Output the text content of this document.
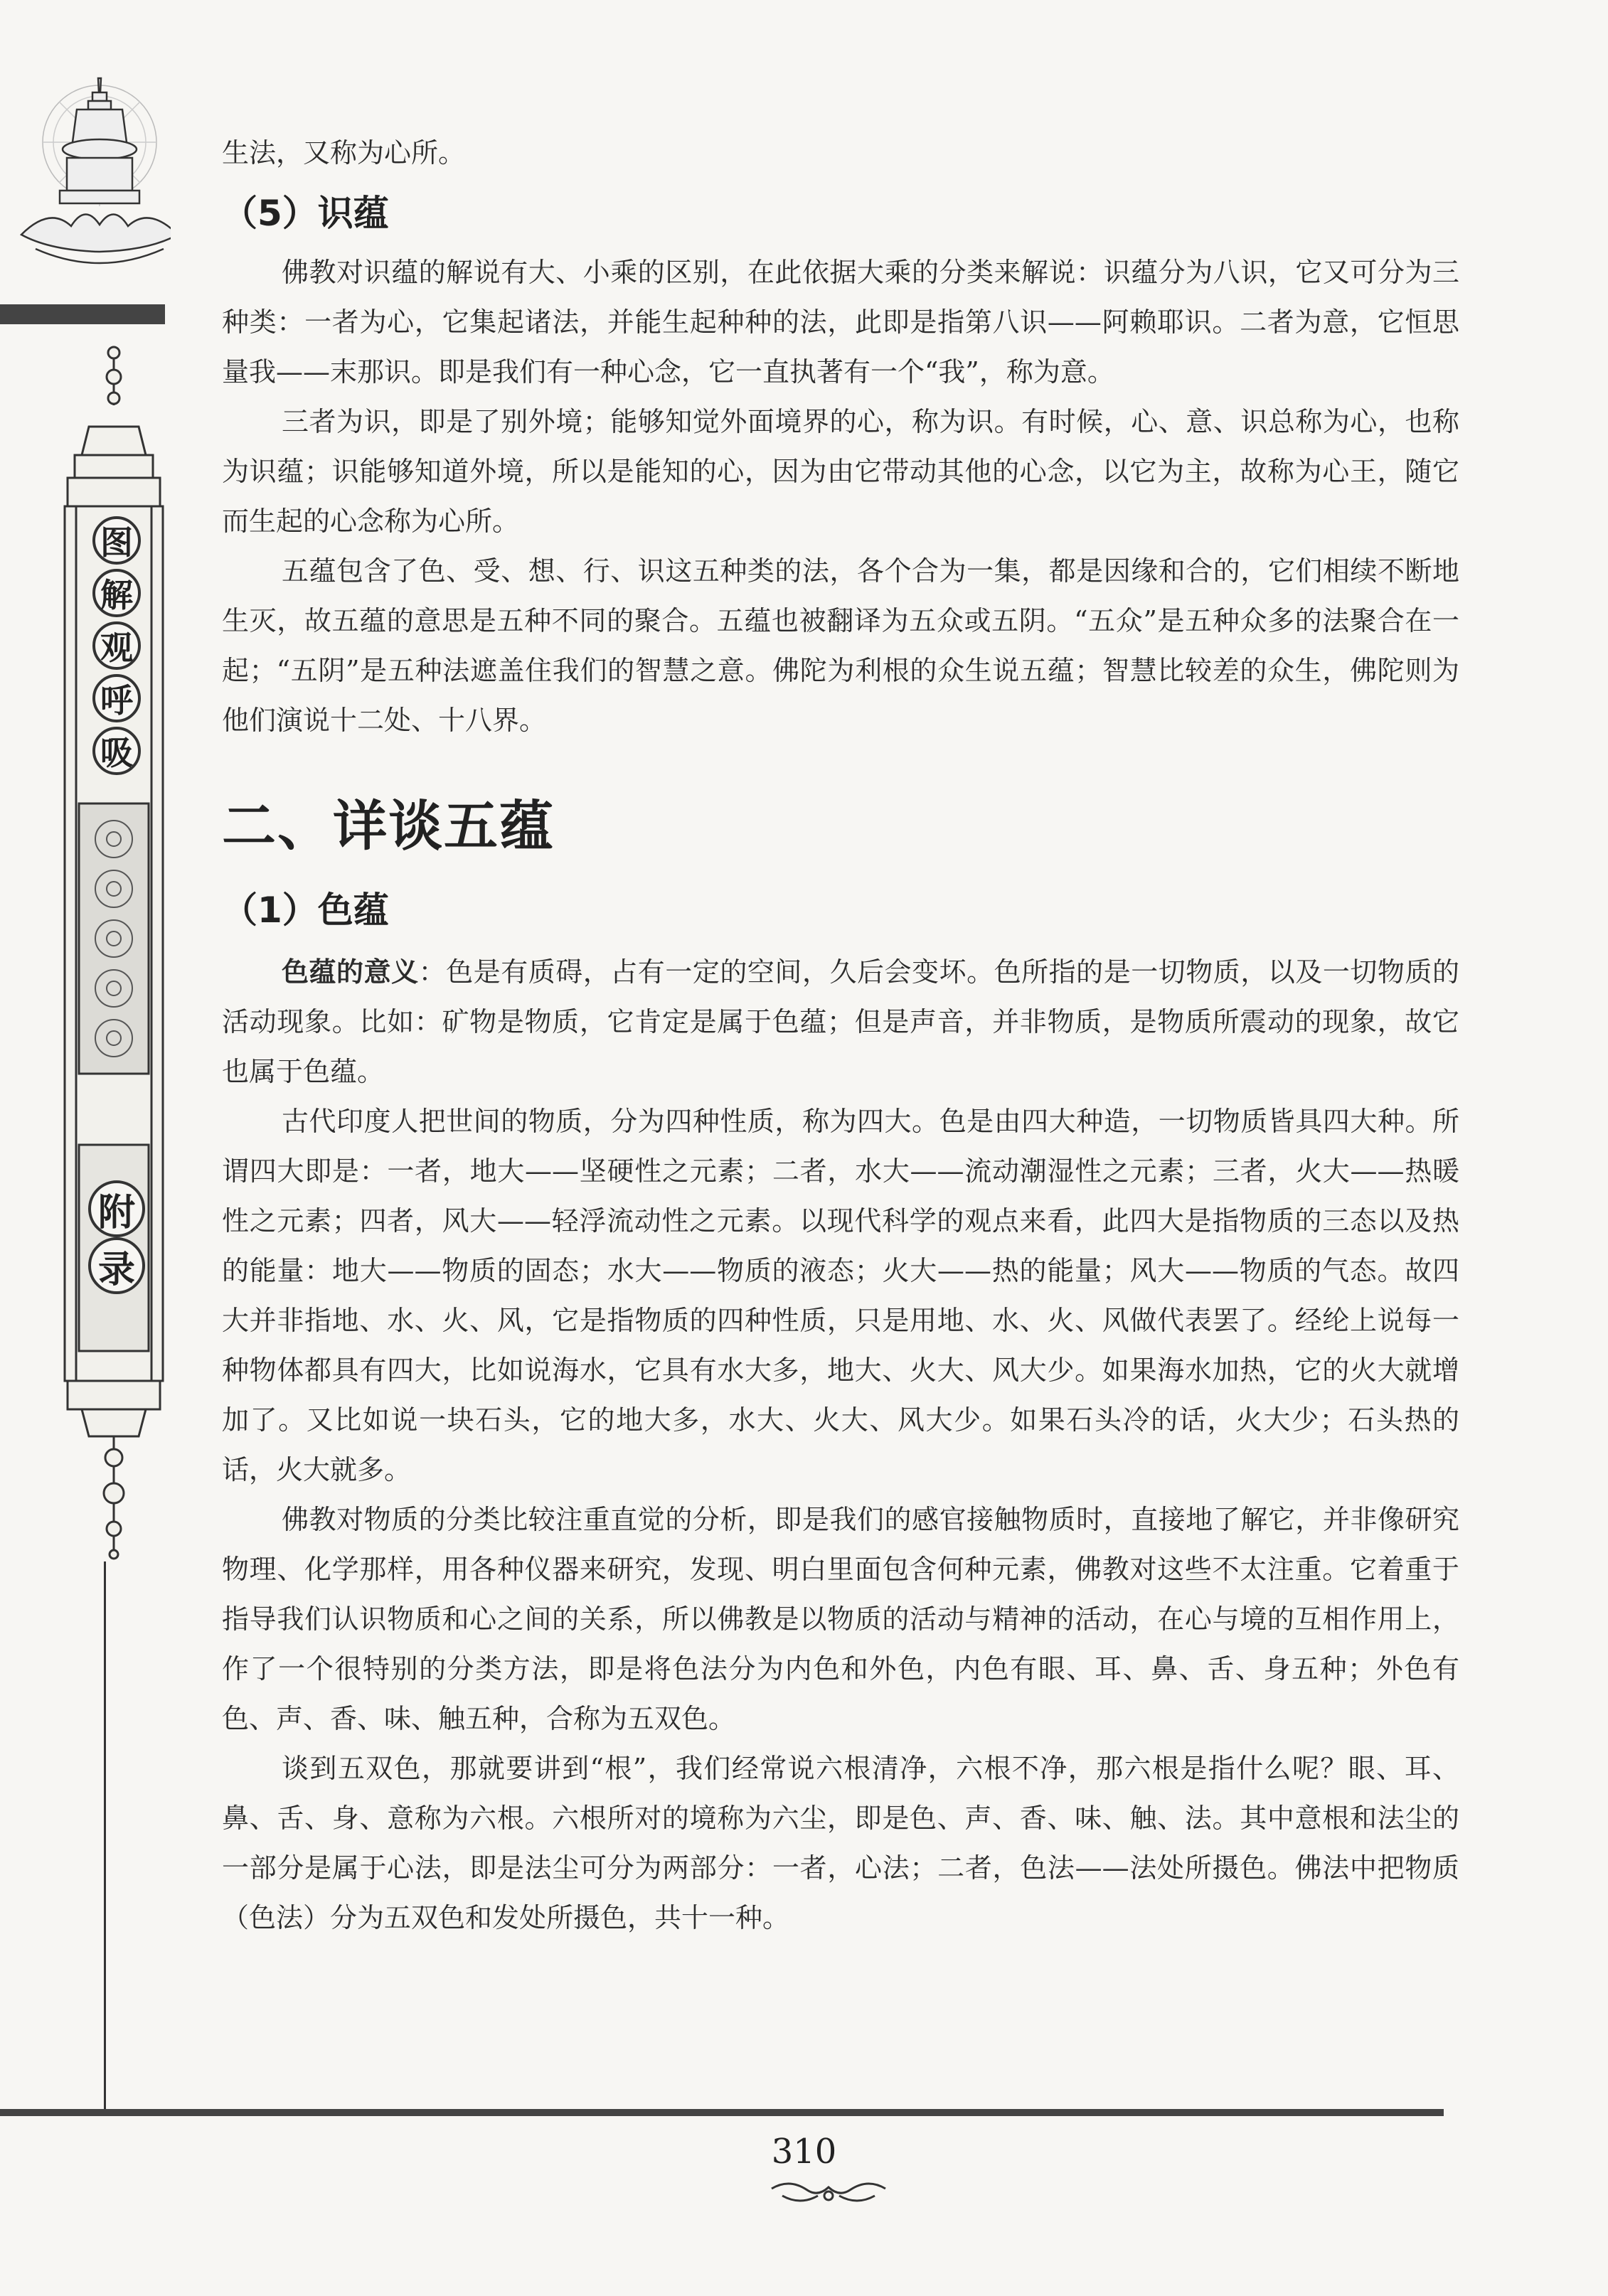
图
解
观
呼
吸
附
录

生法，又称为心所。

（5）识蕴

佛教对识蕴的解说有大、小乘的区别，在此依据大乘的分类来解说：识蕴分为八识，它又可分为三种类：一者为心，它集起诸法，并能生起种种的法，此即是指第八识——阿赖耶识。二者为意，它恒思量我——末那识。即是我们有一种心念，它一直执著有一个“我”，称为意。

三者为识，即是了别外境；能够知觉外面境界的心，称为识。有时候，心、意、识总称为心，也称为识蕴；识能够知道外境，所以是能知的心，因为由它带动其他的心念，以它为主，故称为心王，随它而生起的心念称为心所。

五蕴包含了色、受、想、行、识这五种类的法，各个合为一集，都是因缘和合的，它们相续不断地生灭，故五蕴的意思是五种不同的聚合。五蕴也被翻译为五众或五阴。“五众”是五种众多的法聚合在一起；“五阴”是五种法遮盖住我们的智慧之意。佛陀为利根的众生说五蕴；智慧比较差的众生，佛陀则为他们演说十二处、十八界。

二、详谈五蕴

（1）色蕴

色蕴的意义：色是有质碍，占有一定的空间，久后会变坏。色所指的是一切物质，以及一切物质的活动现象。比如：矿物是物质，它肯定是属于色蕴；但是声音，并非物质，是物质所震动的现象，故它也属于色蕴。

古代印度人把世间的物质，分为四种性质，称为四大。色是由四大种造，一切物质皆具四大种。所谓四大即是：一者，地大——坚硬性之元素；二者，水大——流动潮湿性之元素；三者，火大——热暖性之元素；四者，风大——轻浮流动性之元素。以现代科学的观点来看，此四大是指物质的三态以及热的能量：地大——物质的固态；水大——物质的液态；火大——热的能量；风大——物质的气态。故四大并非指地、水、火、风，它是指物质的四种性质，只是用地、水、火、风做代表罢了。经纶上说每一种物体都具有四大，比如说海水，它具有水大多，地大、火大、风大少。如果海水加热，它的火大就增加了。又比如说一块石头，它的地大多，水大、火大、风大少。如果石头冷的话，火大少；石头热的话，火大就多。

佛教对物质的分类比较注重直觉的分析，即是我们的感官接触物质时，直接地了解它，并非像研究物理、化学那样，用各种仪器来研究，发现、明白里面包含何种元素，佛教对这些不太注重。它着重于指导我们认识物质和心之间的关系，所以佛教是以物质的活动与精神的活动，在心与境的互相作用上，作了一个很特别的分类方法，即是将色法分为内色和外色，内色有眼、耳、鼻、舌、身五种；外色有色、声、香、味、触五种，合称为五双色。

谈到五双色，那就要讲到“根”，我们经常说六根清净，六根不净，那六根是指什么呢？眼、耳、鼻、舌、身、意称为六根。六根所对的境称为六尘，即是色、声、香、味、触、法。其中意根和法尘的一部分是属于心法，即是法尘可分为两部分：一者，心法；二者，色法——法处所摄色。佛法中把物质（色法）分为五双色和发处所摄色，共十一种。

310
